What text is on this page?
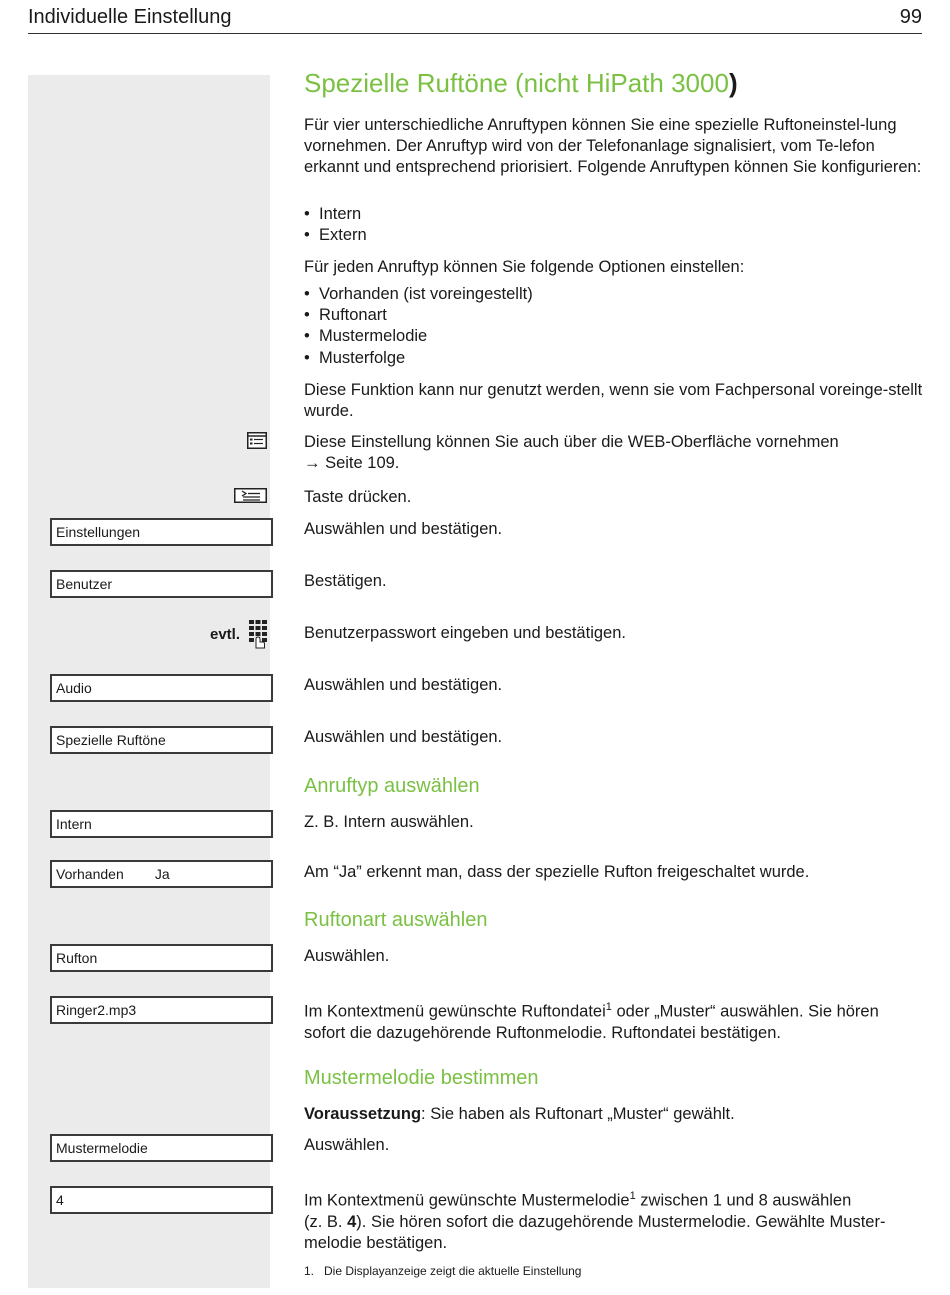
Individuelle Einstellung	99
evtl.
Einstellungen
Benutzer
Audio
Spezielle Ruftöne
Intern
Vorhanden        Ja
Rufton
Ringer2.mp3
Mustermelodie
4
Spezielle Ruftöne (nicht HiPath 3000)
Für vier unterschiedliche Anruftypen können Sie eine spezielle Ruftoneinstel-lung vornehmen. Der Anruftyp wird von der Telefonanlage signalisiert, vom Te-lefon erkannt und entsprechend priorisiert. Folgende Anruftypen können Sie konfigurieren:
• Intern
• Extern
Für jeden Anruftyp können Sie folgende Optionen einstellen:
• Vorhanden (ist voreingestellt)
• Ruftonart
• Mustermelodie
• Musterfolge
Diese Funktion kann nur genutzt werden, wenn sie vom Fachpersonal voreinge-stellt wurde.
Diese Einstellung können Sie auch über die WEB-Oberfläche vornehmen
→ Seite 109.
Taste drücken.
Auswählen und bestätigen.
Bestätigen.
Benutzerpasswort eingeben und bestätigen.
Auswählen und bestätigen.
Auswählen und bestätigen.
Anruftyp auswählen
Z. B. Intern auswählen.
Am “Ja” erkennt man, dass der spezielle Rufton freigeschaltet wurde.
Ruftonart auswählen
Auswählen.
Im Kontextmenü gewünschte Ruftondatei$^1$ oder „Muster“ auswählen. Sie hören
sofort die dazugehörende Ruftonmelodie. Ruftondatei bestätigen.
Mustermelodie bestimmen
Voraussetzung: Sie haben als Ruftonart „Muster“ gewählt.
Auswählen.
Im Kontextmenü gewünschte Mustermelodie$^1$ zwischen 1 und 8 auswählen
(z. B. 4). Sie hören sofort die dazugehörende Mustermelodie. Gewählte Muster-
melodie bestätigen.
1. Die Displayanzeige zeigt die aktuelle Einstellung
